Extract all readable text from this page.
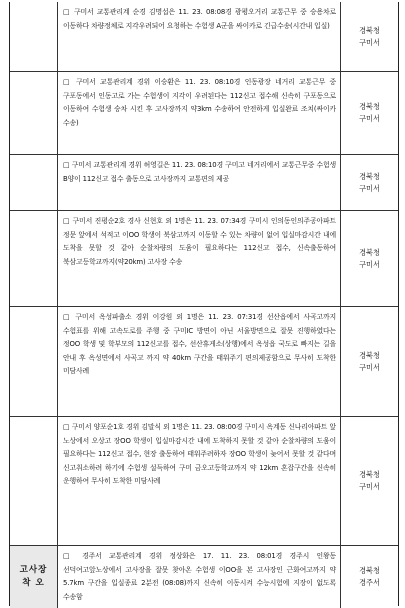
□ 구미서 교통관리계 순경 김명섭은 11. 23. 08:08경 광평오거리 교통근무 중 승용차로 이동하다 차량정체로 지각우려되어 요청하는 수험생 A군을 싸이카로 긴급수송(시간내 입실)	경북청
구미서

□ 구미서 교통관리계 경위 이승환은 11. 23. 08:10경 인동광장 네거리 교통근무 중 구포동에서 인동고로 가는 수험생이 지각이 우려된다는 112신고 접수해 신속히 구포동으로 이동하여 수험생 승차 시킨 후 고사장까지 약3km 수송하여 안전하게 입실완료 조치(싸이카 수송)

경북청
구미서

□ 구미서 교통관리계 경위 허영길은 11. 23. 08:10경 구미고 네거리에서 교통근무중 수험생 B양이 112신고 접수 출동으로 고사장까지 교통편의 제공	경북청
구미서

□ 구미서 진평순2호 경사 신현호 외 1명은 11. 23. 07:34경 구미시 인의동인의주공아파트 정문 앞에서 석적고 이OO 학생이 북삼고까지 이동할 수 있는 차량이 없어 입실마감시간 내에 도착을 못할 것 같아 순찰차량의 도움이 필요하다는 112신고 접수, 신속출동하여 북삼고등학교까지(약20km) 고사장 수송

경북청
구미서

□ 구미서 옥성파출소 경위 이강원 외 1명은 11. 23. 07:31경 선산읍에서 사곡고까지 수험표를 위해 고속도로를 주행 중 구미IC 방면이 아닌 서울방면으로 잘못 진행하였다는 정OO 학생 및 학부모의 112신고를 접수, 선산휴게소(상행)에서 옥성읍 국도로 빠지는 길을 안내 후 옥성면에서 사곡고 까지 약 40km 구간을 태워주기 편의제공함으로 무사히 도착한 미담사례

경북청
구미서

□ 구미서 양포순1호 경위 김말식 외 1명은 11. 23. 08:00경 구미시 옥계동 신나리아파트 앞 노상에서 오상고 장OO 학생이 입실마감시간 내에 도착하지 못할 것 같아 순찰차량의 도움이 필요하다는 112신고 접수, 현장 출동하여 태워주려하자 장OO 학생이 늦어서 못할 것 같다며 신고취소하려 하기에 수험생 설득하여 구미 금오고등학교까지 약 12km 혼잡구간을 신속히 운행하여 무사히 도착한 미담사례

경북청
구미서
고사장
착 오

□ 경주서 교통관리계 경위 정상화은 17. 11. 23. 08:01경 경주시 인왕동 선덕여고앞노상에서 고사장을 잘못 찾아온 수험생 이OO을 본 고사장인 근화여고까지 약 5.7km 구간을 입실종료 2분전 (08:08)까지 신속히 이동시켜 수능시험에 지장이 없도록 수송함

경북청
경주서
